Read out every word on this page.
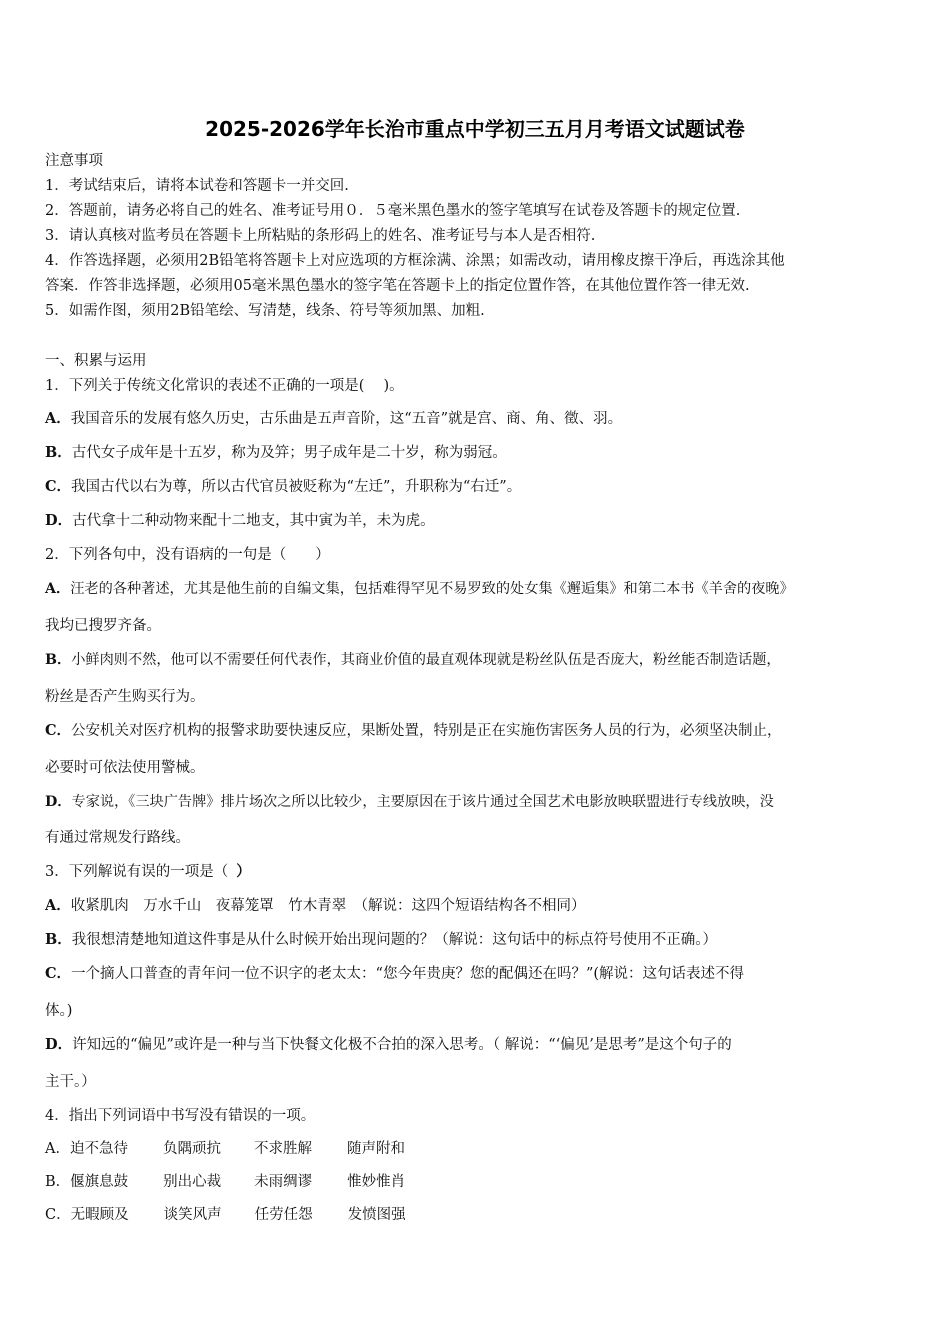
2025-2026学年长治市重点中学初三五月月考语文试题试卷
注意事项
1．考试结束后，请将本试卷和答题卡一并交回.
2．答题前，请务必将自己的姓名、准考证号用０．５毫米黑色墨水的签字笔填写在试卷及答题卡的规定位置.
3．请认真核对监考员在答题卡上所粘贴的条形码上的姓名、准考证号与本人是否相符.
4．作答选择题，必须用2B铅笔将答题卡上对应选项的方框涂满、涂黑；如需改动，请用橡皮擦干净后，再选涂其他
答案．作答非选择题，必须用05毫米黑色墨水的签字笔在答题卡上的指定位置作答，在其他位置作答一律无效.
5．如需作图，须用2B铅笔绘、写清楚，线条、符号等须加黑、加粗.
一、积累与运用
1．下列关于传统文化常识的表述不正确的一项是(　 )。
A．我国音乐的发展有悠久历史，古乐曲是五声音阶，这“五音”就是宫、商、角、徵、羽。
B．古代女子成年是十五岁，称为及笄；男子成年是二十岁，称为弱冠。
C．我国古代以右为尊，所以古代官员被贬称为“左迁”，升职称为“右迁”。
D．古代拿十二种动物来配十二地支，其中寅为羊，未为虎。
2．下列各句中，没有语病的一句是（　　）
A．汪老的各种著述，尤其是他生前的自编文集，包括难得罕见不易罗致的处女集《邂逅集》和第二本书《羊舍的夜晚》
我均已搜罗齐备。
B．小鲜肉则不然，他可以不需要任何代表作，其商业价值的最直观体现就是粉丝队伍是否庞大，粉丝能否制造话题，
粉丝是否产生购买行为。
C．公安机关对医疗机构的报警求助要快速反应，果断处置，特别是正在实施伤害医务人员的行为，必须坚决制止，
必要时可依法使用警械。
D．专家说，《三块广告牌》排片场次之所以比较少，主要原因在于该片通过全国艺术电影放映联盟进行专线放映，没
有通过常规发行路线。
3．下列解说有误的一项是（ ）
A．收紧肌肉　万水千山　夜幕笼罩　竹木青翠　（解说：这四个短语结构各不相同）
B．我很想清楚地知道这件事是从什么时候开始出现问题的？（解说：这句话中的标点符号使用不正确。）
C．一个摘人口普查的青年问一位不识字的老太太：“您今年贵庚？您的配偶还在吗？”(解说：这句话表述不得
体。)
D．许知远的“偏见”或许是一种与当下快餐文化极不合拍的深入思考。（ 解说：“‘偏见’是思考”是这个句子的
主干。）
4．指出下列词语中书写没有错误的一项。
A．迫不急待 负隅顽抗 不求胜解 随声附和
B．偃旗息鼓 别出心裁 未雨绸谬 惟妙惟肖
C．无暇顾及 谈笑风声 任劳任怨 发愤图强
